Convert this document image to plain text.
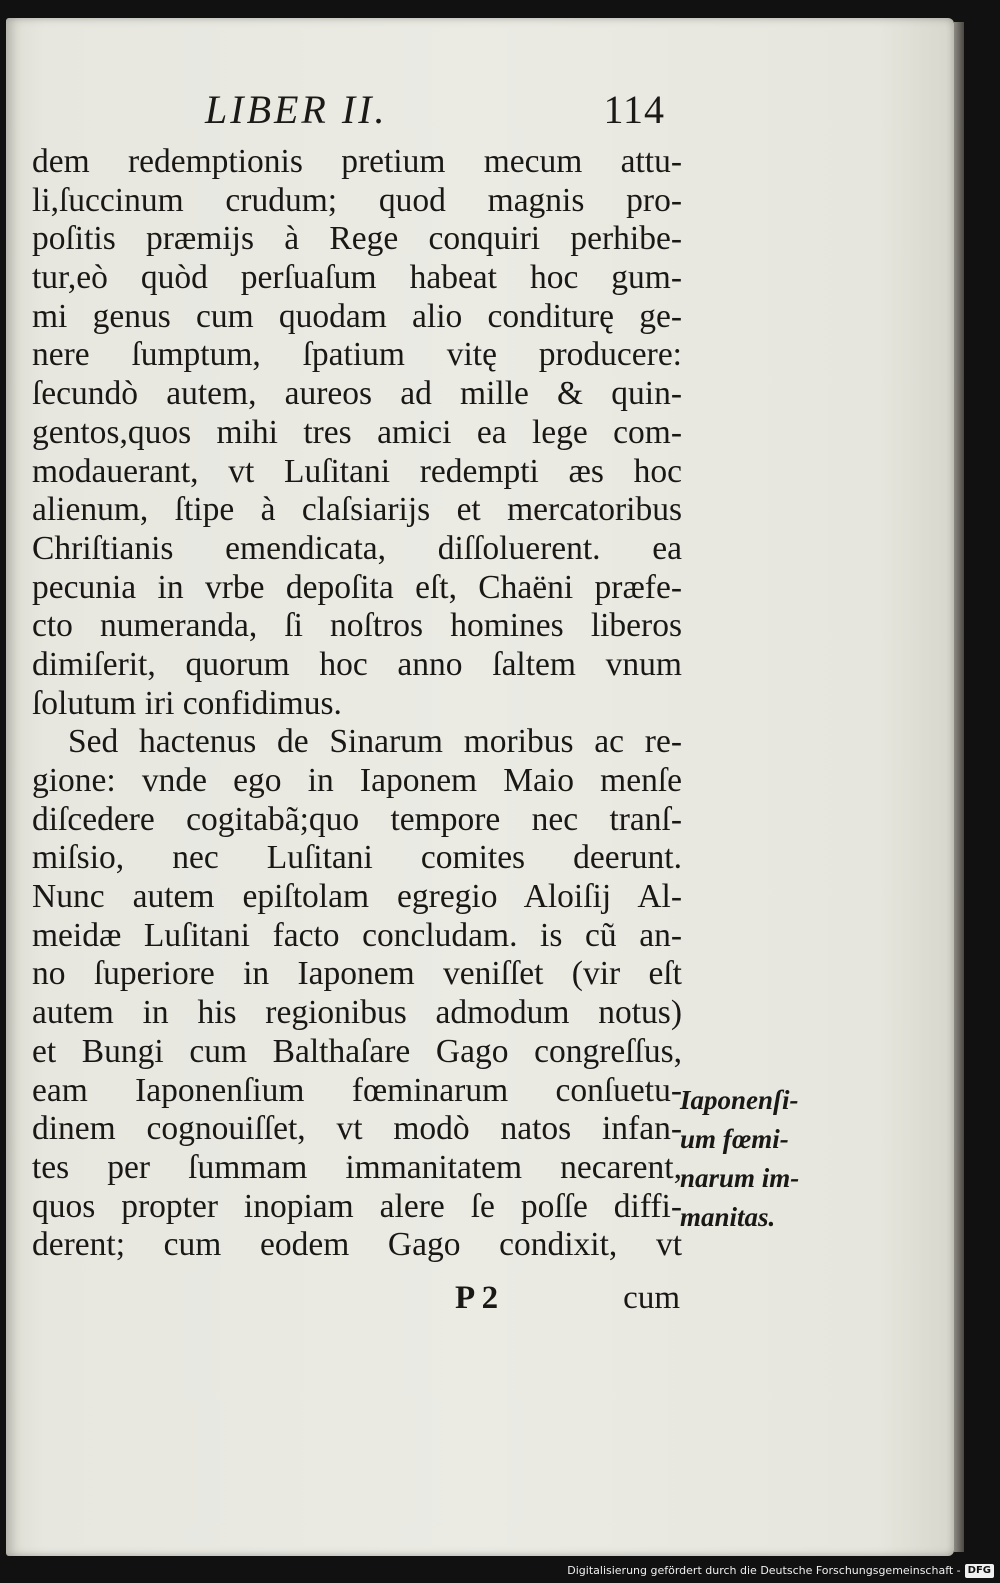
LIBER II.	114
dem redemptionis pretium mecum attu-
li,ſuccinum crudum; quod magnis pro-
poſitis præmijs à Rege conquiri perhibe-
tur,eò quòd perſuaſum habeat hoc gum-
mi genus cum quodam alio conditurę ge-
nere ſumptum, ſpatium vitę producere:
ſecundò autem, aureos ad mille & quin-
gentos,quos mihi tres amici ea lege com-
modauerant, vt Luſitani redempti æs hoc
alienum, ſtipe à claſsiarijs et mercatoribus
Chriſtianis emendicata, diſſoluerent. ea
pecunia in vrbe depoſita eſt, Chaëni præfe-
cto numeranda, ſi noſtros homines liberos
dimiſerit, quorum hoc anno ſaltem vnum
ſolutum iri confidimus.
Sed hactenus de Sinarum moribus ac re-
gione: vnde ego in Iaponem Maio menſe
diſcedere cogitabã;quo tempore nec tranſ-
miſsio, nec Luſitani comites deerunt.
Nunc autem epiſtolam egregio Aloiſij Al-
meidæ Luſitani facto concludam. is cũ an-
no ſuperiore in Iaponem veniſſet (vir eſt
autem in his regionibus admodum notus)
et Bungi cum Balthaſare Gago congreſſus,
eam Iaponenſium fœminarum conſuetu-
dinem cognouiſſet, vt modò natos infan-
tes per ſummam immanitatem necarent,
quos propter inopiam alere ſe poſſe diffi-
derent; cum eodem Gago condixit, vt
Iaponenſi-
um fœmi-
narum im-
manitas.
P 2	cum
Digitalisierung gefördert durch die Deutsche Forschungsgemeinschaft - DFG
